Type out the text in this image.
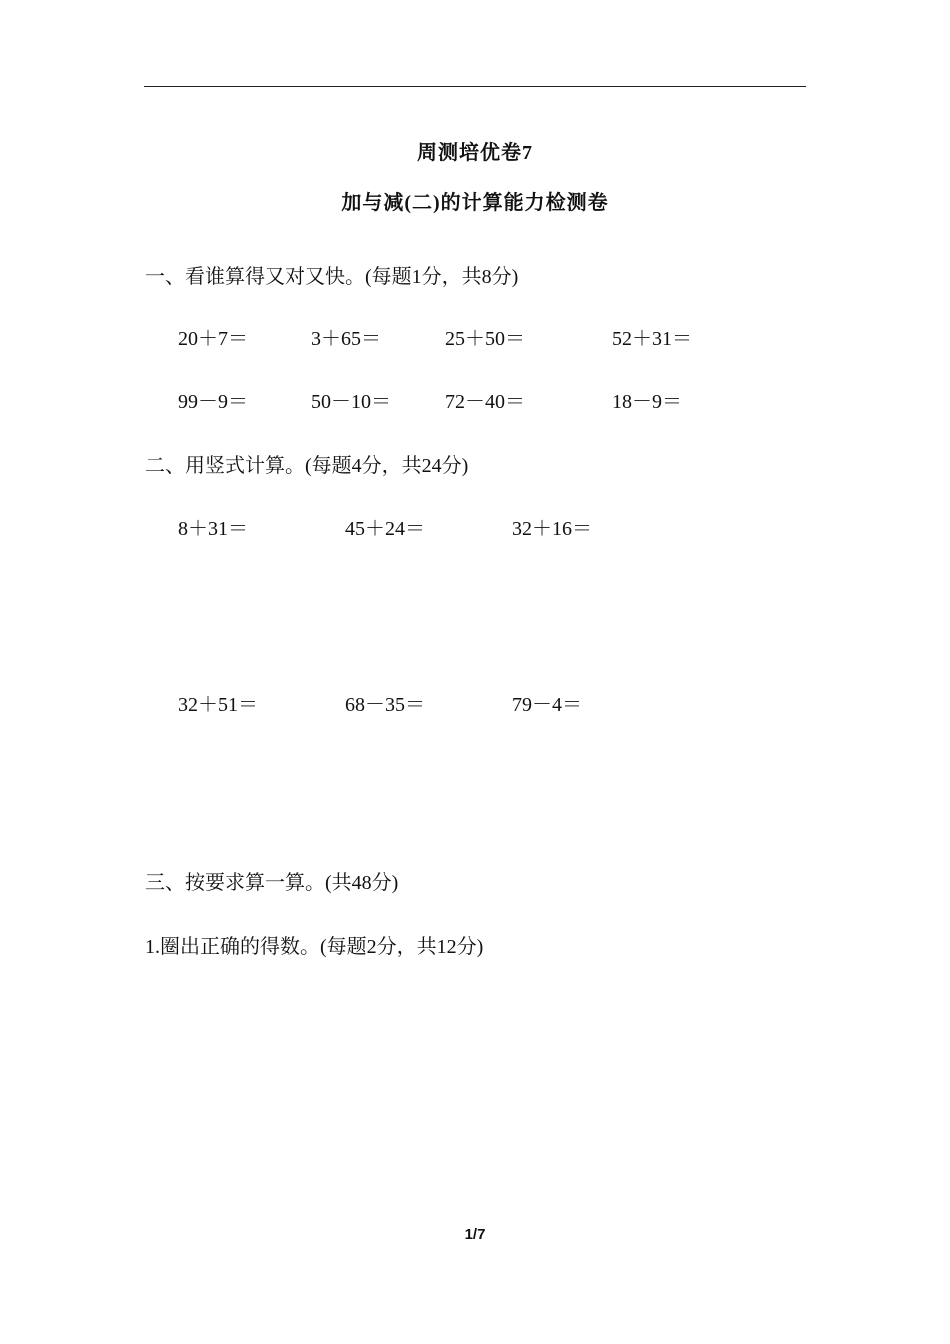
周测培优卷7
加与减(二)的计算能力检测卷
一、看谁算得又对又快。(每题1分，共8分)
20＋7＝	3＋65＝	25＋50＝	52＋31＝
99－9＝	50－10＝	72－40＝	18－9＝
二、用竖式计算。(每题4分，共24分)
8＋31＝	45＋24＝	32＋16＝
32＋51＝	68－35＝	79－4＝
三、按要求算一算。(共48分)
1.圈出正确的得数。(每题2分，共12分)
1/7
